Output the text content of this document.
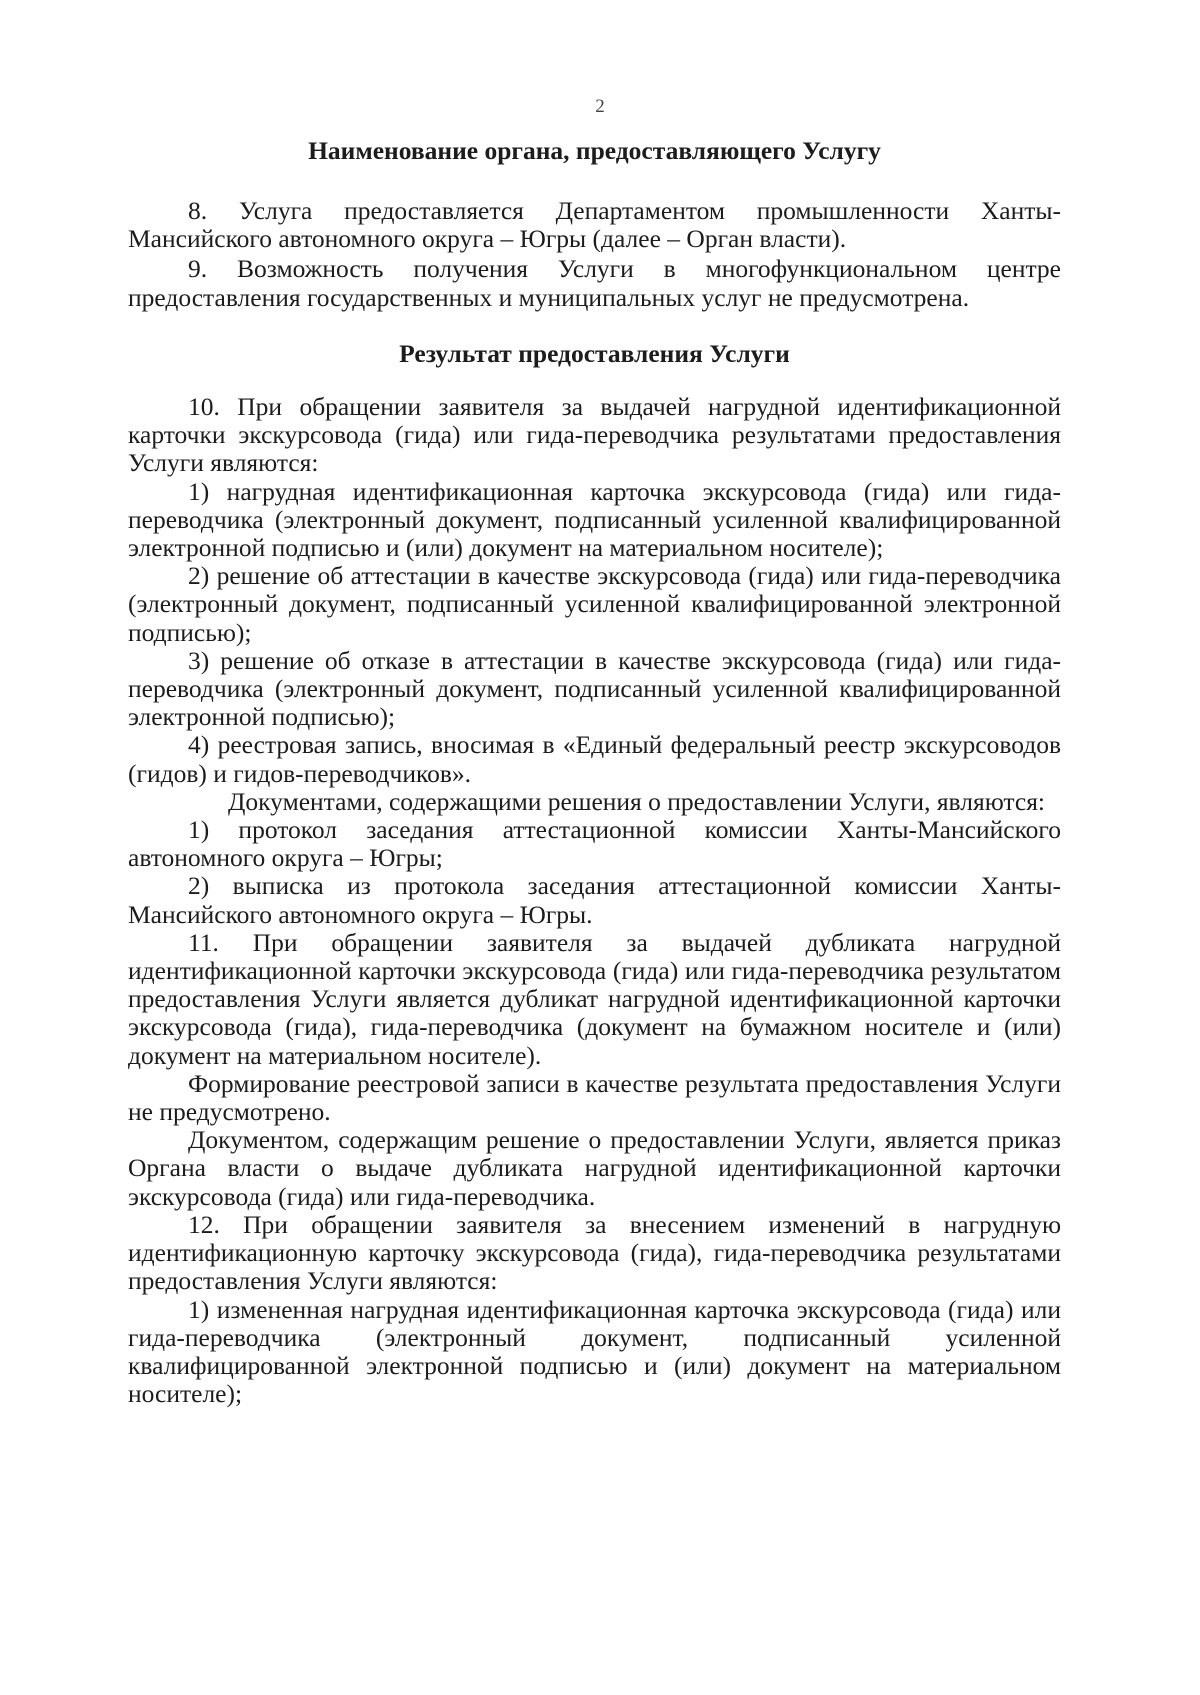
2
Наименование органа, предоставляющего Услугу

8. Услуга предоставляется Департаментом промышленности Ханты-Мансийского автономного округа – Югры (далее – Орган власти).

9. Возможность получения Услуги в многофункциональном центре предоставления государственных и муниципальных услуг не предусмотрена.

Результат предоставления Услуги

10. При обращении заявителя за выдачей нагрудной идентификационной карточки экскурсовода (гида) или гида-переводчика результатами предоставления Услуги являются:

1) нагрудная идентификационная карточка экскурсовода (гида) или гида-переводчика (электронный документ, подписанный усиленной квалифицированной электронной подписью и (или) документ на материальном носителе);

2) решение об аттестации в качестве экскурсовода (гида) или гида-переводчика (электронный документ, подписанный усиленной квалифицированной электронной подписью);

3) решение об отказе в аттестации в качестве экскурсовода (гида) или гида-переводчика (электронный документ, подписанный усиленной квалифицированной электронной подписью);

4) реестровая запись, вносимая в «Единый федеральный реестр экскурсоводов (гидов) и гидов-переводчиков».

Документами, содержащими решения о предоставлении Услуги, являются:

1) протокол заседания аттестационной комиссии Ханты-Мансийского автономного округа – Югры;

2) выписка из протокола заседания аттестационной комиссии Ханты-Мансийского автономного округа – Югры.

11. При обращении заявителя за выдачей дубликата нагрудной идентификационной карточки экскурсовода (гида) или гида-переводчика результатом предоставления Услуги является дубликат нагрудной идентификационной карточки экскурсовода (гида), гида-переводчика (документ на бумажном носителе и (или) документ на материальном носителе).

Формирование реестровой записи в качестве результата предоставления Услуги не предусмотрено.

Документом, содержащим решение о предоставлении Услуги, является приказ Органа власти о выдаче дубликата нагрудной идентификационной карточки экскурсовода (гида) или гида-переводчика.

12. При обращении заявителя за внесением изменений в нагрудную идентификационную карточку экскурсовода (гида), гида-переводчика результатами предоставления Услуги являются:

1) измененная нагрудная идентификационная карточка экскурсовода (гида) или гида-переводчика (электронный документ, подписанный усиленной квалифицированной электронной подписью и (или) документ на материальном носителе);
